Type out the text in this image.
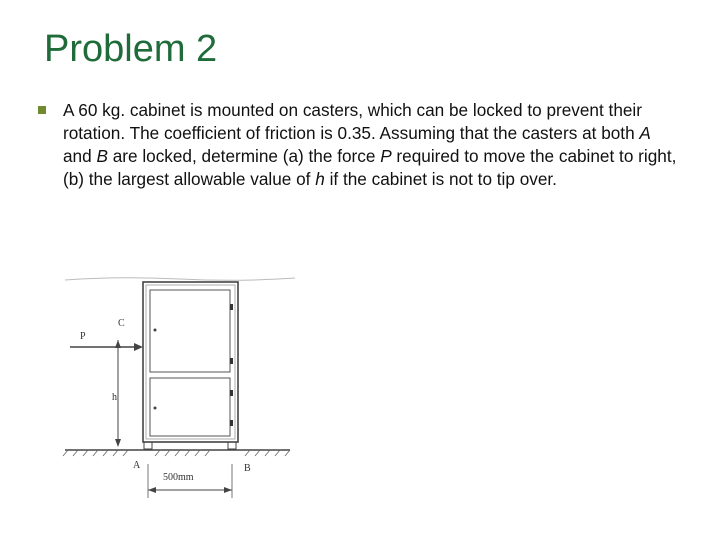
Problem 2

A 60 kg. cabinet is mounted on casters, which can be locked to prevent their rotation. The coefficient of friction is 0.35. Assuming that the casters at both A and B are locked, determine (a) the force P required to move the cabinet to right, (b) the largest allowable value of h if the cabinet is not to tip over.

P
C
h
A	B
500mm
